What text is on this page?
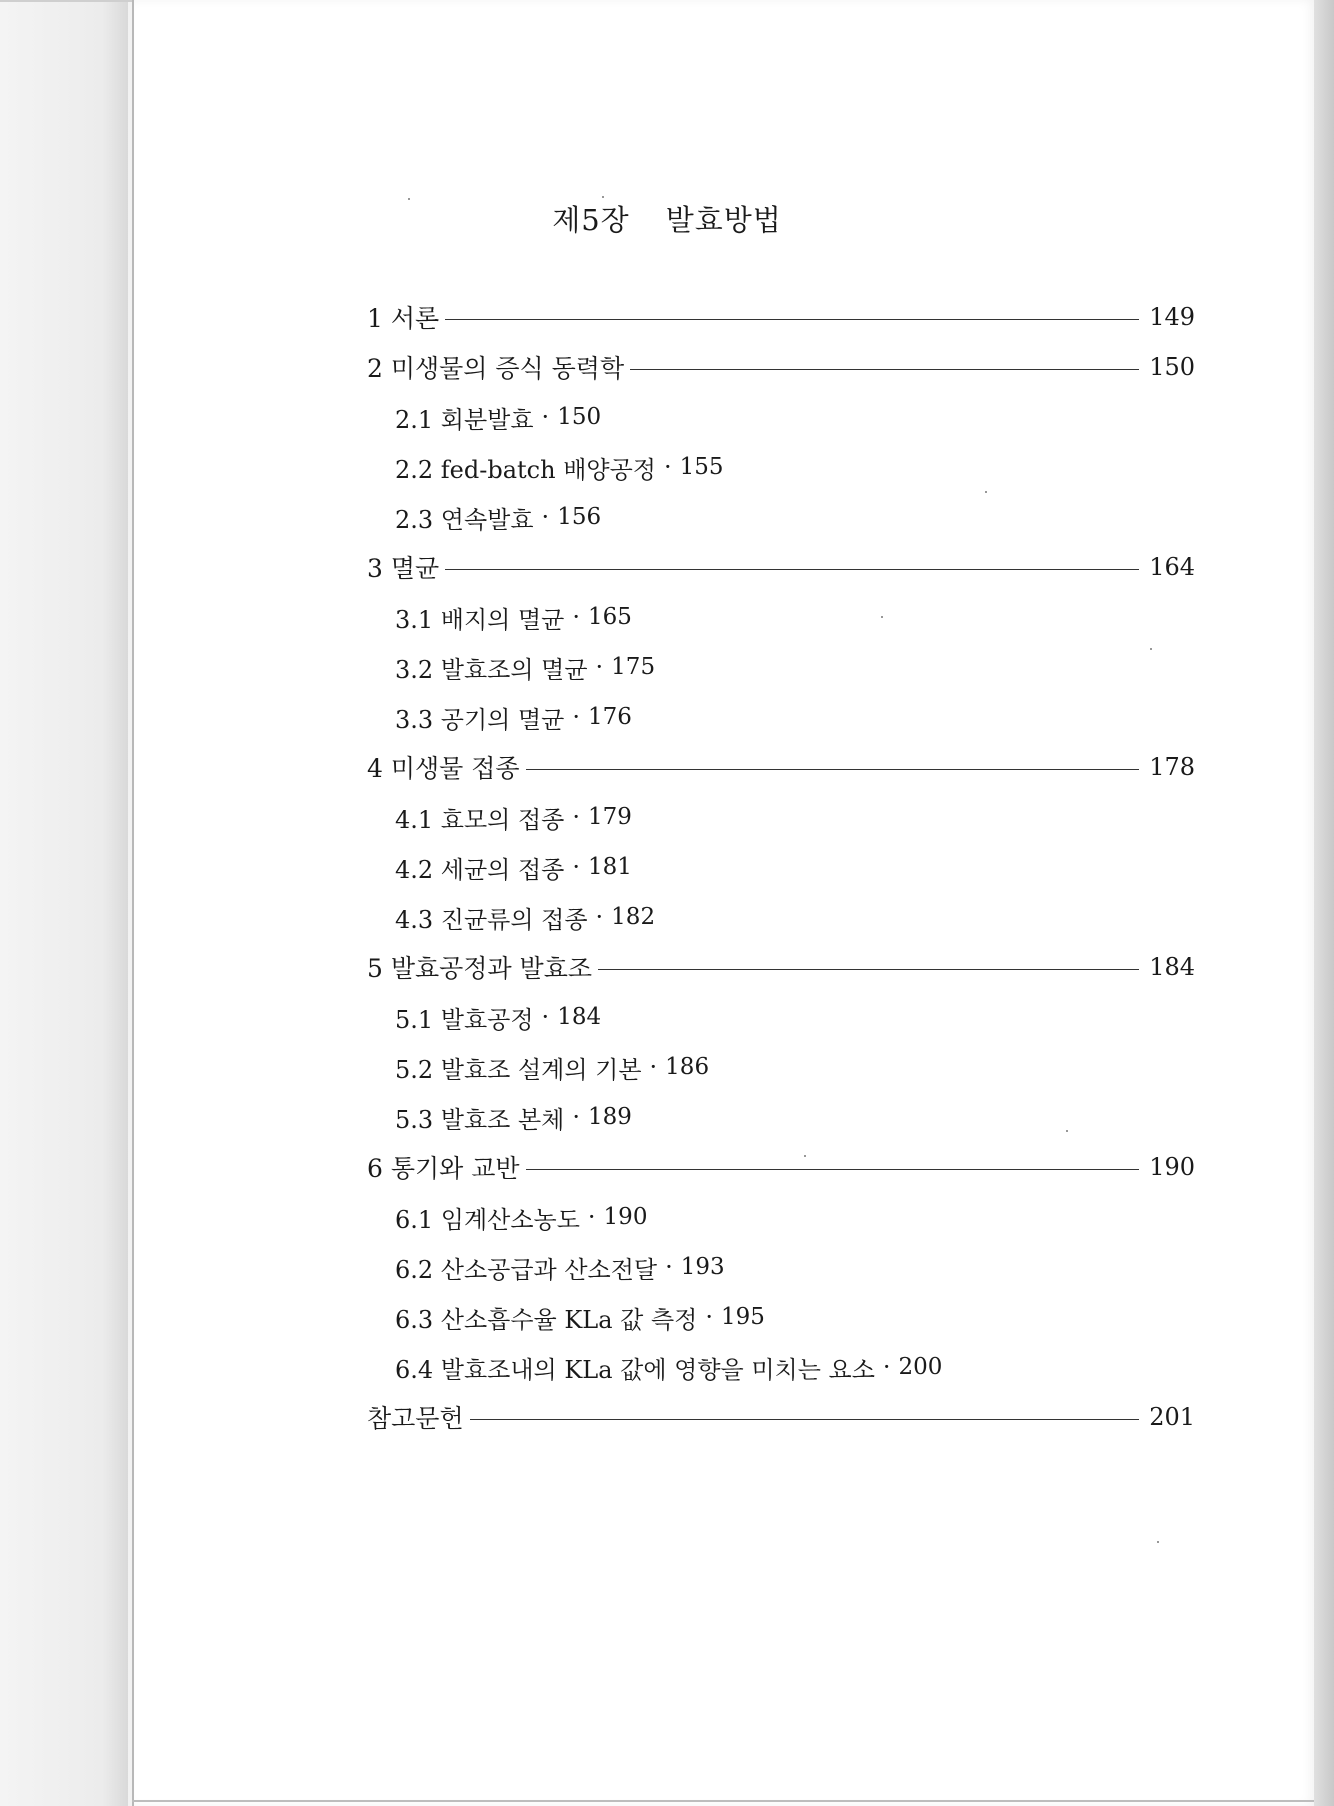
제5장 발효방법
1 서론	149
2 미생물의 증식 동력학	150
2.1 회분발효 · 150
2.2 fed-batch 배양공정 · 155
2.3 연속발효 · 156
3 멸균	164
3.1 배지의 멸균 · 165
3.2 발효조의 멸균 · 175
3.3 공기의 멸균 · 176
4 미생물 접종	178
4.1 효모의 접종 · 179
4.2 세균의 접종 · 181
4.3 진균류의 접종 · 182
5 발효공정과 발효조	184
5.1 발효공정 · 184
5.2 발효조 설계의 기본 · 186
5.3 발효조 본체 · 189
6 통기와 교반	190
6.1 임계산소농도 · 190
6.2 산소공급과 산소전달 · 193
6.3 산소흡수율 KLa 값 측정 · 195
6.4 발효조내의 KLa 값에 영향을 미치는 요소 · 200
참고문헌	201
